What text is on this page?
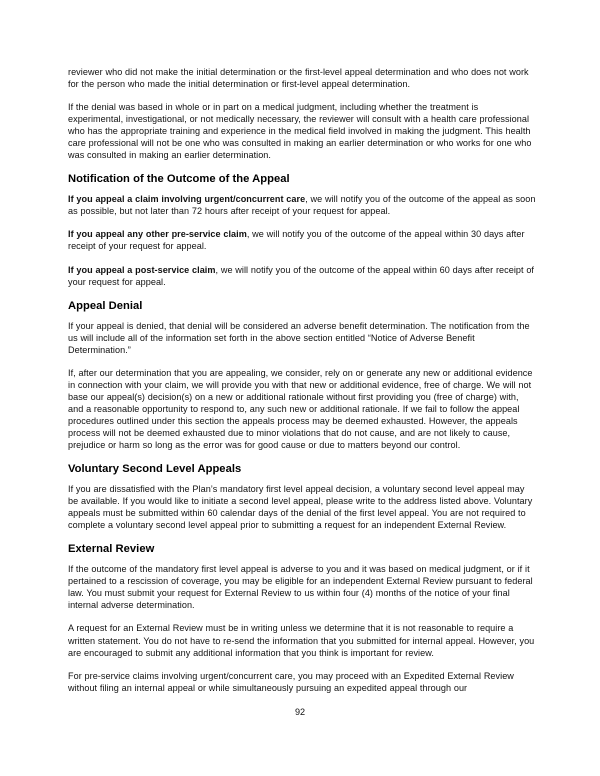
reviewer who did not make the initial determination or the first-level appeal determination and who does not work for the person who made the initial determination or first-level appeal determination.

If the denial was based in whole or in part on a medical judgment, including whether the treatment is experimental, investigational, or not medically necessary, the reviewer will consult with a health care professional who has the appropriate training and experience in the medical field involved in making the judgment. This health care professional will not be one who was consulted in making an earlier determination or who works for one who was consulted in making an earlier determination.

Notification of the Outcome of the Appeal

If you appeal a claim involving urgent/concurrent care, we will notify you of the outcome of the appeal as soon as possible, but not later than 72 hours after receipt of your request for appeal.

If you appeal any other pre-service claim, we will notify you of the outcome of the appeal within 30 days after receipt of your request for appeal.

If you appeal a post-service claim, we will notify you of the outcome of the appeal within 60 days after receipt of your request for appeal.

Appeal Denial

If your appeal is denied, that denial will be considered an adverse benefit determination. The notification from the us will include all of the information set forth in the above section entitled “Notice of Adverse Benefit Determination.”

If, after our determination that you are appealing, we consider, rely on or generate any new or additional evidence in connection with your claim, we will provide you with that new or additional evidence, free of charge. We will not base our appeal(s) decision(s) on a new or additional rationale without first providing you (free of charge) with, and a reasonable opportunity to respond to, any such new or additional rationale. If we fail to follow the appeal procedures outlined under this section the appeals process may be deemed exhausted. However, the appeals process will not be deemed exhausted due to minor violations that do not cause, and are not likely to cause, prejudice or harm so long as the error was for good cause or due to matters beyond our control.

Voluntary Second Level Appeals

If you are dissatisfied with the Plan’s mandatory first level appeal decision, a voluntary second level appeal may be available. If you would like to initiate a second level appeal, please write to the address listed above. Voluntary appeals must be submitted within 60 calendar days of the denial of the first level appeal. You are not required to complete a voluntary second level appeal prior to submitting a request for an independent External Review.

External Review

If the outcome of the mandatory first level appeal is adverse to you and it was based on medical judgment, or if it pertained to a rescission of coverage, you may be eligible for an independent External Review pursuant to federal law. You must submit your request for External Review to us within four (4) months of the notice of your final internal adverse determination.

A request for an External Review must be in writing unless we determine that it is not reasonable to require a written statement. You do not have to re-send the information that you submitted for internal appeal. However, you are encouraged to submit any additional information that you think is important for review.

For pre-service claims involving urgent/concurrent care, you may proceed with an Expedited External Review without filing an internal appeal or while simultaneously pursuing an expedited appeal through our

92
